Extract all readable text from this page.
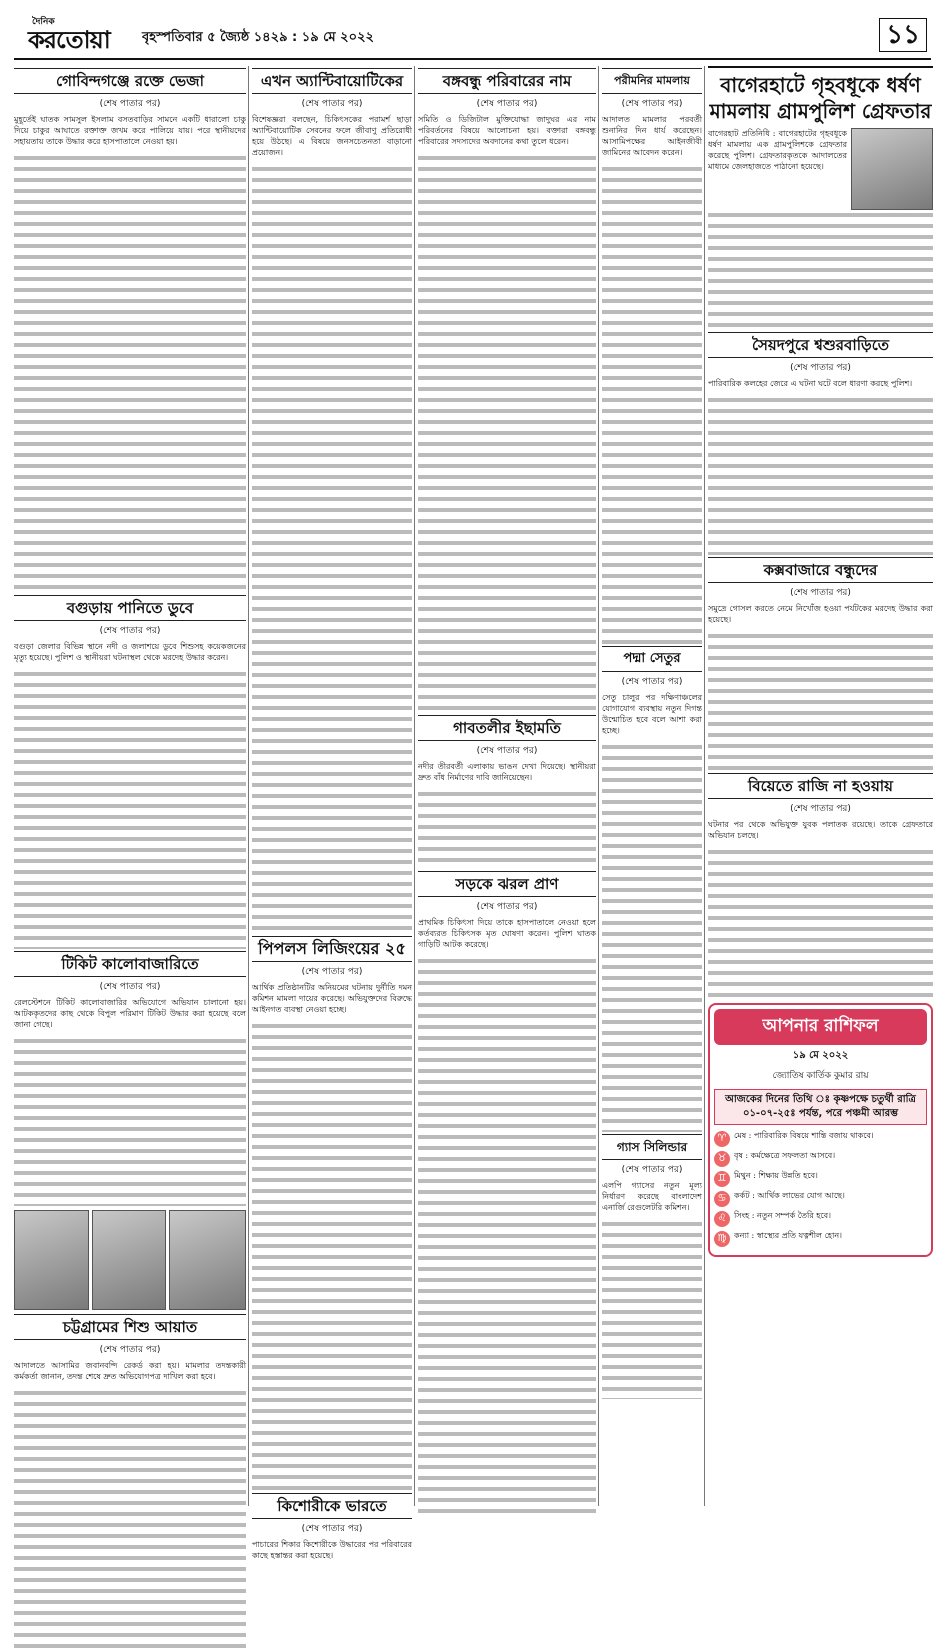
দৈনিক
করতোয়া বৃহস্পতিবার ৫ জ্যৈষ্ঠ ১৪২৯ : ১৯ মে ২০২২	১১
গোবিন্দগঞ্জে রক্তে ভেজা
(শেষ পাতার পর)

মুহূর্তেই ঘাতক সামসুল ইসলাম বসতবাড়ির সামনে একটি ধারালো চাকু দিয়ে চাকুর আঘাতে রক্তাক্ত জখম করে পালিয়ে যায়। পরে স্থানীয়দের সহায়তায় তাকে উদ্ধার করে হাসপাতালে নেওয়া হয়।

বগুড়ায় পানিতে ডুবে
(শেষ পাতার পর)

বগুড়া জেলার বিভিন্ন স্থানে নদী ও জলাশয়ে ডুবে শিশুসহ কয়েকজনের মৃত্যু হয়েছে। পুলিশ ও স্থানীয়রা ঘটনাস্থল থেকে মরদেহ উদ্ধার করেন।

টিকিট কালোবাজারিতে
(শেষ পাতার পর)

রেলস্টেশনে টিকিট কালোবাজারির অভিযোগে অভিযান চালানো হয়। আটককৃতদের কাছ থেকে বিপুল পরিমাণ টিকিট উদ্ধার করা হয়েছে বলে জানা গেছে।

চট্টগ্রামের শিশু আয়াত
(শেষ পাতার পর)

আদালতে আসামির জবানবন্দি রেকর্ড করা হয়। মামলার তদন্তকারী কর্মকর্তা জানান, তদন্ত শেষে দ্রুত অভিযোগপত্র দাখিল করা হবে।

এখন অ্যান্টিবায়োটিকের
(শেষ পাতার পর)

বিশেষজ্ঞরা বলছেন, চিকিৎসকের পরামর্শ ছাড়া অ্যান্টিবায়োটিক সেবনের ফলে জীবাণু প্রতিরোধী হয়ে উঠছে। এ বিষয়ে জনসচেতনতা বাড়ানো প্রয়োজন।

পিপলস লিজিংয়ের ২৫
(শেষ পাতার পর)

আর্থিক প্রতিষ্ঠানটির অনিয়মের ঘটনায় দুর্নীতি দমন কমিশন মামলা দায়ের করেছে। অভিযুক্তদের বিরুদ্ধে আইনগত ব্যবস্থা নেওয়া হচ্ছে।

কিশোরীকে ভারতে
(শেষ পাতার পর)

পাচারের শিকার কিশোরীকে উদ্ধারের পর পরিবারের কাছে হস্তান্তর করা হয়েছে।

বঙ্গবন্ধু পরিবারের নাম
(শেষ পাতার পর)

সমিতি ও ডিজিটাল মুক্তিযোদ্ধা জাদুঘর এর নাম পরিবর্তনের বিষয়ে আলোচনা হয়। বক্তারা বঙ্গবন্ধু পরিবারের সদস্যদের অবদানের কথা তুলে ধরেন।

গাবতলীর ইছামতি
(শেষ পাতার পর)

নদীর তীরবর্তী এলাকায় ভাঙন দেখা দিয়েছে। স্থানীয়রা দ্রুত বাঁধ নির্মাণের দাবি জানিয়েছেন।

সড়কে ঝরল প্রাণ
(শেষ পাতার পর)

প্রাথমিক চিকিৎসা দিয়ে তাকে হাসপাতালে নেওয়া হলে কর্তব্যরত চিকিৎসক মৃত ঘোষণা করেন। পুলিশ ঘাতক গাড়িটি আটক করেছে।

পরীমনির মামলায়
(শেষ পাতার পর)

আদালত মামলার পরবর্তী শুনানির দিন ধার্য করেছেন। আসামিপক্ষের আইনজীবী জামিনের আবেদন করেন।

পদ্মা সেতুর
(শেষ পাতার পর)

সেতু চালুর পর দক্ষিণাঞ্চলের যোগাযোগ ব্যবস্থায় নতুন দিগন্ত উন্মোচিত হবে বলে আশা করা হচ্ছে।

গ্যাস সিলিন্ডার
(শেষ পাতার পর)

এলপি গ্যাসের নতুন মূল্য নির্ধারণ করেছে বাংলাদেশ এনার্জি রেগুলেটরি কমিশন।

বাগেরহাটে গৃহবধূকে ধর্ষণ মামলায় গ্রামপুলিশ গ্রেফতার

বাগেরহাট প্রতিনিধি : বাগেরহাটের গৃহবধূকে ধর্ষণ মামলায় এক গ্রামপুলিশকে গ্রেফতার করেছে পুলিশ। গ্রেফতারকৃতকে আদালতের মাধ্যমে জেলহাজতে পাঠানো হয়েছে।

সৈয়দপুরে শ্বশুরবাড়িতে
(শেষ পাতার পর)

পারিবারিক কলহের জেরে এ ঘটনা ঘটে বলে ধারণা করছে পুলিশ।

কক্সবাজারে বন্ধুদের
(শেষ পাতার পর)

সমুদ্রে গোসল করতে নেমে নিখোঁজ হওয়া পর্যটকের মরদেহ উদ্ধার করা হয়েছে।

বিয়েতে রাজি না হওয়ায়
(শেষ পাতার পর)

ঘটনার পর থেকে অভিযুক্ত যুবক পলাতক রয়েছে। তাকে গ্রেফতারে অভিযান চলছে।

আপনার রাশিফল
১৯ মে ২০২২
জ্যোতিষ কার্তিক কুমার রায়
আজকের দিনের তিথি ঃ কৃষ্ণপক্ষে চতুর্থী রাত্রি ০১-০৭-২৫ঃ পর্যন্ত, পরে পঞ্চমী আরম্ভ
♈ মেষ : পারিবারিক বিষয়ে শান্তি বজায় থাকবে।
♉ বৃষ : কর্মক্ষেত্রে সফলতা আসবে।
♊ মিথুন : শিক্ষায় উন্নতি হবে।
♋ কর্কট : আর্থিক লাভের যোগ আছে।
♌ সিংহ : নতুন সম্পর্ক তৈরি হবে।
♍ কন্যা : স্বাস্থ্যের প্রতি যত্নশীল হোন।
